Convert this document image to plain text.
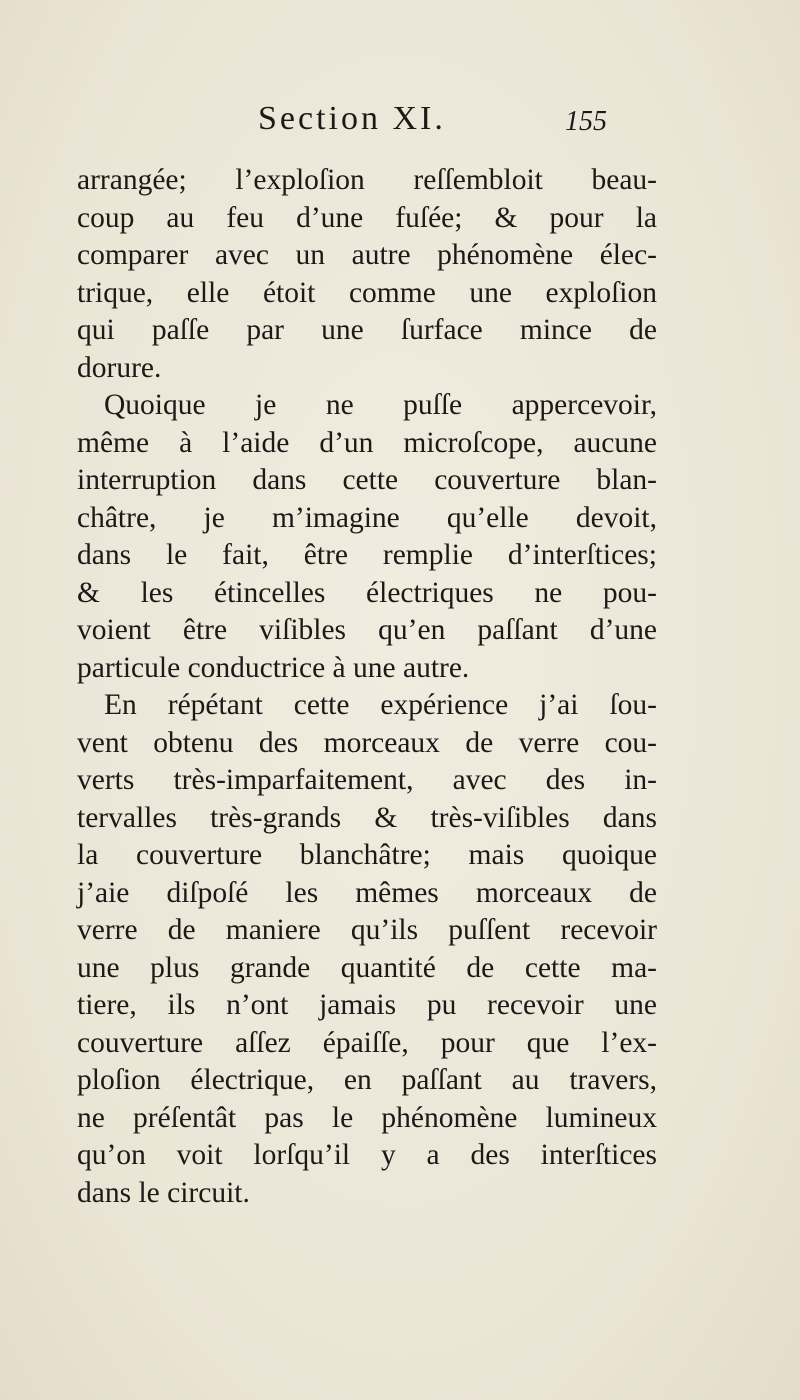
Section XI.	155
arrangée; l’exploſion reſſembloit beau-
coup au feu d’une fuſée; & pour la
comparer avec un autre phénomène élec-
trique, elle étoit comme une exploſion
qui paſſe par une ſurface mince de
dorure.
Quoique je ne puſſe appercevoir,
même à l’aide d’un microſcope, aucune
interruption dans cette couverture blan-
châtre, je m’imagine qu’elle devoit,
dans le fait, être remplie d’interſtices;
& les étincelles électriques ne pou-
voient être viſibles qu’en paſſant d’une
particule conductrice à une autre.
En répétant cette expérience j’ai ſou-
vent obtenu des morceaux de verre cou-
verts très-imparfaitement, avec des in-
tervalles très-grands & très-viſibles dans
la couverture blanchâtre; mais quoique
j’aie diſpoſé les mêmes morceaux de
verre de maniere qu’ils puſſent recevoir
une plus grande quantité de cette ma-
tiere, ils n’ont jamais pu recevoir une
couverture aſſez épaiſſe, pour que l’ex-
ploſion électrique, en paſſant au travers,
ne préſentât pas le phénomène lumineux
qu’on voit lorſqu’il y a des interſtices
dans le circuit.
